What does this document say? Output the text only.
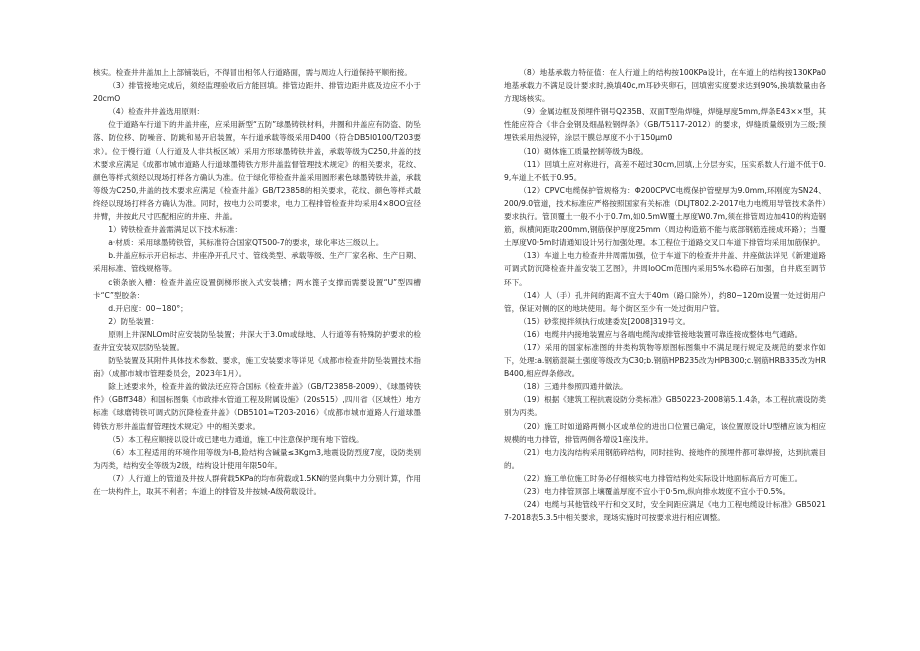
核实。检查井井盖加上上部铺装后，不得冒出相邻人行道路面，需与周边人行道保持平顺衔接。

（3）排管接地完成后，须经监理验收后方能回填。排管边距井、排管边距井底及边应不小于20cmO

（4）检查井井盖选用原则：

位于道路车行道下的井盖井座，应采用新型“五防”球墨铸铁材料，井圈和井盖应有防盗、防坠落、防位移、防噪音、防跳和易开启装置，车行道承载等级采用D400（符合DB5I0100/T203要求）。位于慢行道（人行道及人非共板区域）采用方形球墨铸铁井盖，承载等级为C250,井盖的技术要求应满足《成都市城市道路人行道球墨铸铁方形井盖监督管理技术规定》的相关要求，花纹、颜色等样式须经以现场打样各方确认为准。位于绿化带检查井盖采用圆形素色球墨铸铁井盖，承载等级为C250,井盖的技术要求应满足《检查井盖》GB/T23858的相关要求，花纹、颜色等样式最终经以现场打样各方确认为准。同时，按电力公司要求，电力工程排管检查井均采用4×8OO宜径井臂，井按此尺寸匹配相应的井座、井盖。

1）铸铁检查井盖需满足以下技术标准：

a·材质：采用球墨铸铁管，其标准符合国家QT500-7的要求，球化率达三级以上。

b.井盖应标示开启标志、井座净开孔尺寸、管线类型、承载等级、生产厂家名称、生产日期、采用标准、管线规格等。

c锁条嵌入槽：检查井盖应设置倒梯形嵌入式安装槽；两水篦子支撑而需要设置“U”型四槽卡“C”型胶条：

d.开启度：00~180°；

2）防坠装置：

原则上井深NLOm时应安装防坠装置；井深大于3.0m或绿地、人行道等有特殊防护要求的检查井宜安装双层防坠装置。

防坠装置及其附件具体技术参数、要求，施工安装要求等详见《成都市检查井防坠装置技术指南》（成都市城市管理委员会，2023年1月）。

除上述要求外，检查井盖的做法还应符合国标《检查井盖》（GB/T23858-2009）、《球墨铸铁件》（GBff348）和国标图集《市政排水管道工程及附属设施》（20s515）,四川省（区域性）地方标准《球磨铸铁可调式防沉降检查井盖》（DB5101≈T203-2016）《成都市城市道路人行道球墨铸铁方形井盖监督管理技术规定》中的相关要求。

（5）本工程应顺接以设计或已建电力通道，施工中注意保护现有地下管线。

（6）本工程适用的环境作用等级为I-B,险结构含碱量≤3Kgm3,地震设防烈度7度，设防类别为丙类，结构安全等级为2级，结构设计使用年限50年。

（7）人行道上的管道及井按人群荷载5KPa的均布荷载或1.5KN的竖向集中力分别计算，作用在一块构件上，取其不利者；车道上的排管及井按城-A级荷载设计。

（8）地基承载力特征值：在人行道上的结构按100KPa设计，在车道上的结构按130KPa0地基承载力不满足设计要求时,换填40c,m耳砂夹卵石，回填密实度要求达到90%,换填数量由各方现场核实。

（9）金属边框及预埋件钢号Q235B、双面T型角焊缝，焊缝厚度5mm,焊条E43××型，其性能应符合《非合金钢及细晶粒钢焊条》（GB/T5117-2012）的要求，焊缝质量级别为三级;预埋铁采用热浸锌，涂层干膜总厚度不小于150μm0

（10）砌体施工质量控制等级为B级。

（11）回填土应对称进行，高差不超过30cm,回填,上分层夯实，压实系数人行道不低于0.9,车道上不低于0.95。

（12）CPVC电缆保护管规格为：Φ200CPVC电缆保护管壁厚为9.0mm,环刚度为SN24、200/9.0管道，技术标准应严格按照国家有关标准（DLJT802.2-2017电力电缆用导管技术条件）要求执行。管顶覆土一般不小于0.7m,如0.5mW覆土厚度W0.7m,须在排管周边加410的构造钢筋，纵横间距取200mm,钢筋保护厚度25mm（周边构造筋不能与底部钢筋连接成环路）；当覆土厚度V0·5m时请通知设计另行加强处理。本工程位于道路交叉口车道下排管均采用加筋保护。

（13）车道上电力检查井井周需加强，位于车道下的检查井井盖、井座做法详见《新建道路可调式防沉降检查井盖安装工艺图》，井周IoOCm范围内采用5%水稳碎石加强，自井底至调节环下。

（14）人（手）孔井间的距离不宜大于40m（路口除外），约80~120m设置一处过街用户管，保证对侧的区的地块使用。每个街区至少有一处过街用户管。

（15）砂浆搅拌须执行成建委发[2008]319号文。

（16）电缆井内接地装置应与各端电缆沟或排管接地装置可靠连接成整体电气通路。

（17）采用的国家标准图的井类构筑物等原图标图集中不满足现行规定及规范的要求作如下，处理:a.钢筋混凝土强度等级改为C30;b.钢筋HPB235改为HPB300;c.钢筋HRB335改为HRB400,相应焊条修改。

（18）三通井参照四通井做法。

（19）根据《建筑工程抗震设防分类标准》GB50223-2008第5.1.4条，本工程抗震设防类别为丙类。

（20）施工时如道路两侧小区或单位的进出口位置已确定，该位置原设计U型槽应该为相应规模的电力排管，排管两侧各增设1座浅井。

（21）电力浅沟结构采用钢筋碎结构，同时挂钩、接地件的预埋件都可靠焊接，达到抗震目的。

（22）施工单位施工时务必仔细核实电力排管结构处实际设计地面标高后方可施工。

（23）电力排管顶部上壤覆盖厚度不宜小于0·5m,纵向排水坡度不宜小于0.5%。

（24）电缆与其他管线平行和交叉时，安全间距应满足《电力工程电缆设计标准》GB50217-2018表5.3.5中相关要求，现场实施时可按要求进行相应调整。
